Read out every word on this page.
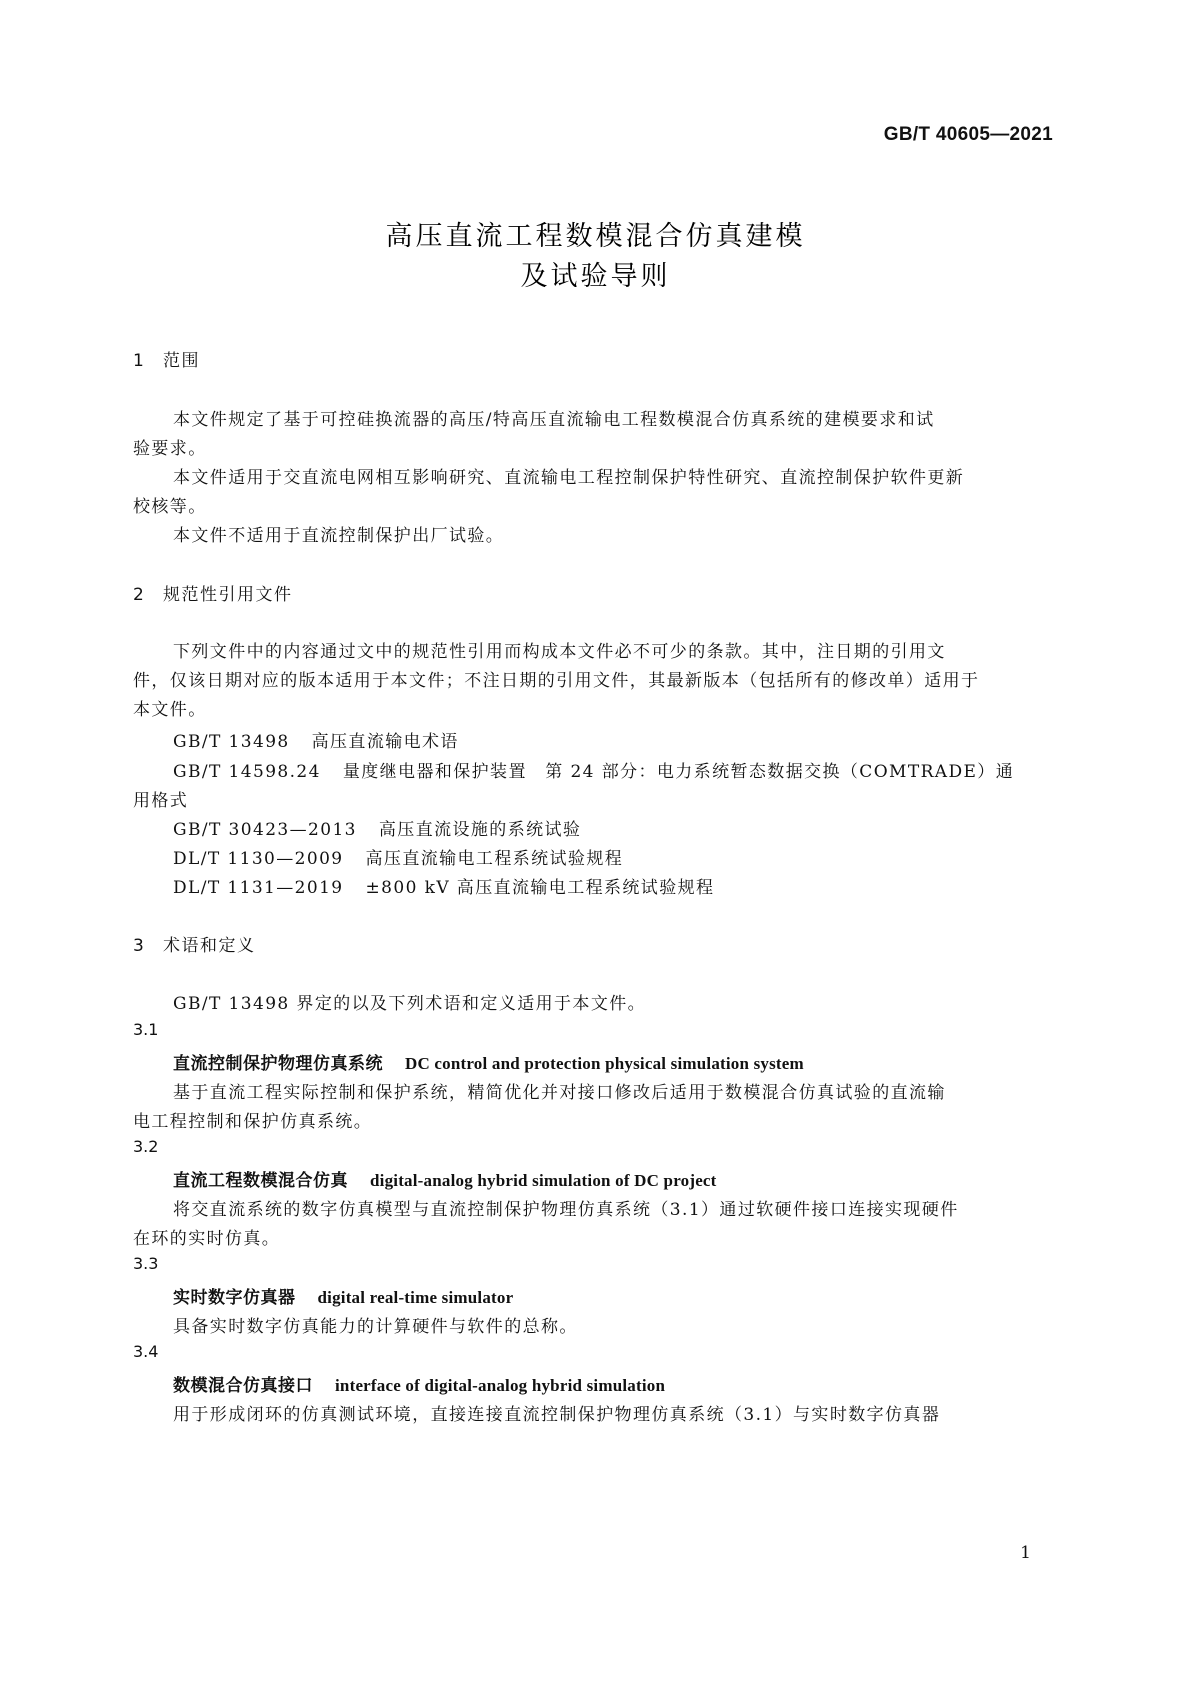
GB/T 40605—2021
高压直流工程数模混合仿真建模
及试验导则
1 范围
本文件规定了基于可控硅换流器的高压/特高压直流输电工程数模混合仿真系统的建模要求和试
验要求。
本文件适用于交直流电网相互影响研究、直流输电工程控制保护特性研究、直流控制保护软件更新
校核等。
本文件不适用于直流控制保护出厂试验。
2 规范性引用文件
下列文件中的内容通过文中的规范性引用而构成本文件必不可少的条款。其中，注日期的引用文
件，仅该日期对应的版本适用于本文件；不注日期的引用文件，其最新版本（包括所有的修改单）适用于
本文件。
GB/T 13498 高压直流输电术语
GB/T 14598.24 量度继电器和保护装置　第 24 部分：电力系统暂态数据交换（COMTRADE）通
用格式
GB/T 30423—2013 高压直流设施的系统试验
DL/T 1130—2009 高压直流输电工程系统试验规程
DL/T 1131—2019 ±800 kV 高压直流输电工程系统试验规程
3 术语和定义
GB/T 13498 界定的以及下列术语和定义适用于本文件。
3.1
直流控制保护物理仿真系统 DC control and protection physical simulation system
基于直流工程实际控制和保护系统，精简优化并对接口修改后适用于数模混合仿真试验的直流输
电工程控制和保护仿真系统。
3.2
直流工程数模混合仿真 digital-analog hybrid simulation of DC project
将交直流系统的数字仿真模型与直流控制保护物理仿真系统（3.1）通过软硬件接口连接实现硬件
在环的实时仿真。
3.3
实时数字仿真器 digital real-time simulator
具备实时数字仿真能力的计算硬件与软件的总称。
3.4
数模混合仿真接口 interface of digital-analog hybrid simulation
用于形成闭环的仿真测试环境，直接连接直流控制保护物理仿真系统（3.1）与实时数字仿真器
1
